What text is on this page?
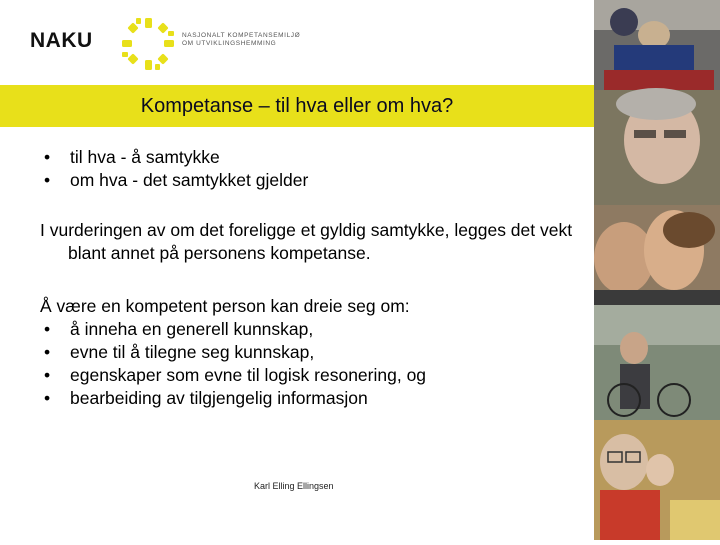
NAKU	NASJONALT KOMPETANSEMILJØ
OM UTVIKLINGSHEMMING
Kompetanse – til hva eller om hva?
• til hva - å samtykke
• om hva - det samtykket gjelder
I vurderingen av om det foreligge et gyldig samtykke, legges det vekt blant annet på personens kompetanse.
Å være en kompetent person kan dreie seg om:
• å inneha en generell kunnskap,
• evne til å tilegne seg kunnskap,
• egenskaper som evne til logisk resonering, og
• bearbeiding av tilgjengelig informasjon
Karl Elling Ellingsen
